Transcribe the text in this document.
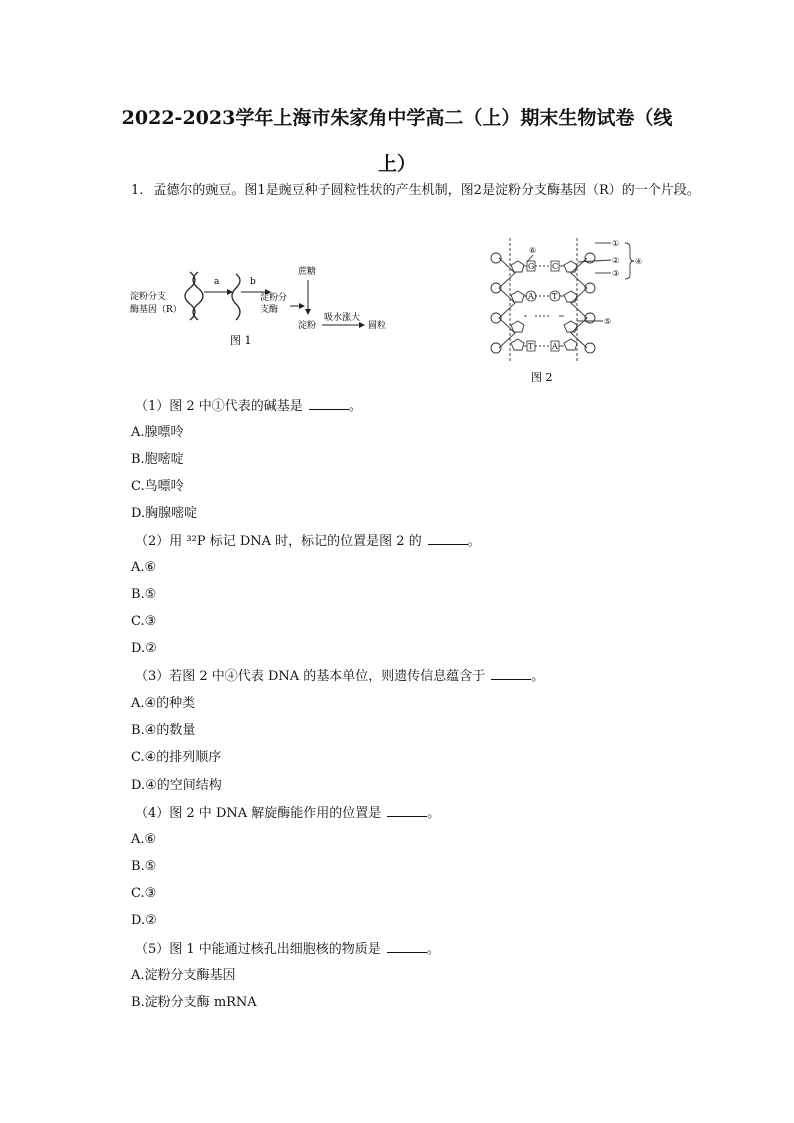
2022-2023学年上海市朱家角中学高二（上）期末生物试卷（线
上）
1. 孟德尔的豌豆。图1是豌豆种子圆粒性状的产生机制，图2是淀粉分支酶基因（R）的一个片段。
淀粉分支
酶基因（R）
a	b
淀粉分
支酶
蔗糖
淀粉
吸水涨大
圆粒
图 1
G C
A T
T A
⑥
①
②
③
④
⑤
图 2
（1）图 2 中①代表的碱基是	。
A.腺嘌呤
B.胞嘧啶
C.鸟嘌呤
D.胸腺嘧啶
（2）用 ³²P 标记 DNA 时，标记的位置是图 2 的	。
A.⑥
B.⑤
C.③
D.②
（3）若图 2 中④代表 DNA 的基本单位，则遗传信息蕴含于	。
A.④的种类
B.④的数量
C.④的排列顺序
D.④的空间结构
（4）图 2 中 DNA 解旋酶能作用的位置是	。
A.⑥
B.⑤
C.③
D.②
（5）图 1 中能通过核孔出细胞核的物质是	。
A.淀粉分支酶基因
B.淀粉分支酶 mRNA
